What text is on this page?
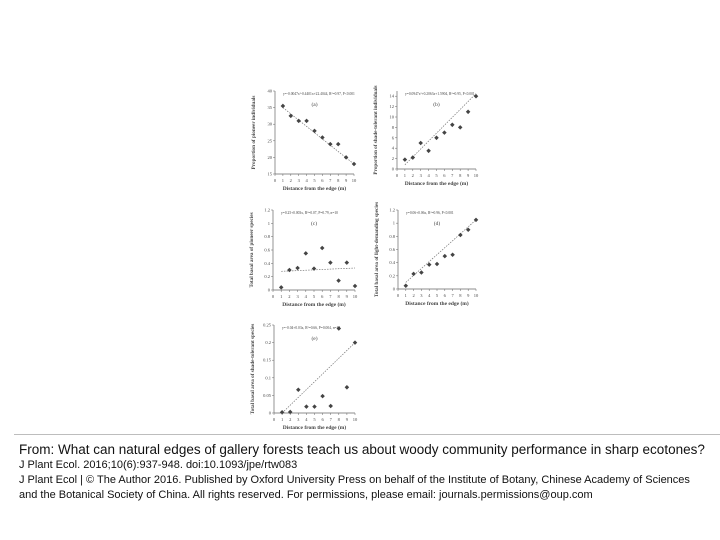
0 1 2 3 4 5 6 7 8 9 10
15
20
25
30
35
40
y=-0.0047x²-0.4401x+22.4044, R²=0.97, P<0.001
(a)
Distance from the edge (m)
Proportion of pioneer individuals
0 1 2 3 4 5 6 7 8 9 10
0
2
4
6
8
10
12
14	y=0.0947x²+0.2063x+1.5904, R²=0.95, P<0.001
(b)
Distance from the edge (m)
Proportion of shade-tolerant individuals
0 1 2 3 4 5 6 7 8 9 10
0
0.2
0.4
0.6
0.8
1
1.2
y=0.25+0.003x, R²=0.07, P=0.79, n=10
(c)
Distance from the edge (m)
Total basal area of pioneer species
0 1 2 3 4 5 6 7 8 9 10
0
0.2
0.4
0.6
0.8
1
1.2
y=0.06+0.06x, R²=0.96, P<0.001
(d)
Distance from the edge (m)
Total basal area of light-demanding species
0 1 2 3 4 5 6 7 8 9 10
0
0.05
0.1
0.15
0.2
0.25
y=-0.04+0.03x, R²=0.66, P=0.004, n=10
(e)
Distance from the edge (m)
Total basal area of shade-tolerant species

From: What can natural edges of gallery forests teach us about woody community performance in sharp ecotones?

J Plant Ecol. 2016;10(6):937-948. doi:10.1093/jpe/rtw083

J Plant Ecol | © The Author 2016. Published by Oxford University Press on behalf of the Institute of Botany, Chinese Academy of Sciences and the Botanical Society of China. All rights reserved. For permissions, please email: journals.permissions@oup.com
